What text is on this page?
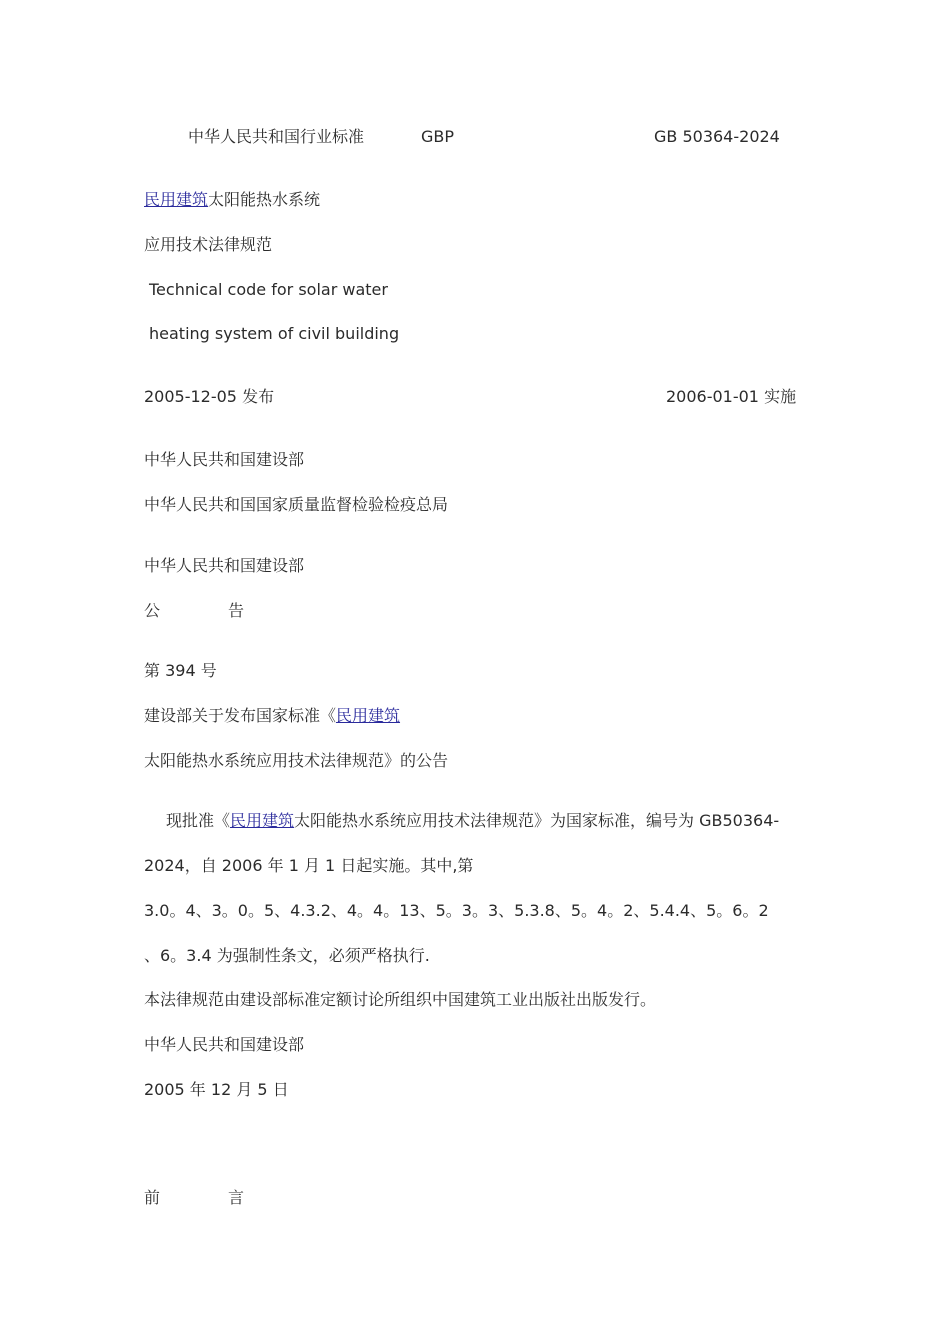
中华人民共和国行业标准	GBP	GB 50364-2024
民用建筑太阳能热水系统
应用技术法律规范
Technical code for solar water
heating system of civil building
2005-12-05 发布	2006-01-01 实施
中华人民共和国建设部
中华人民共和国国家质量监督检验检疫总局
中华人民共和国建设部
公	告
第 394 号
建设部关于发布国家标准《民用建筑
太阳能热水系统应用技术法律规范》的公告
现批准《民用建筑太阳能热水系统应用技术法律规范》为国家标准，编号为 GB50364-
2024，自 2006 年 1 月 1 日起实施。其中,第
3.0。4、3。0。5、4.3.2、4。4。13、5。3。3、5.3.8、5。4。2、5.4.4、5。6。2
、6。3.4 为强制性条文，必须严格执行.
本法律规范由建设部标准定额讨论所组织中国建筑工业出版社出版发行。
中华人民共和国建设部
2005 年 12 月 5 日
前	言
